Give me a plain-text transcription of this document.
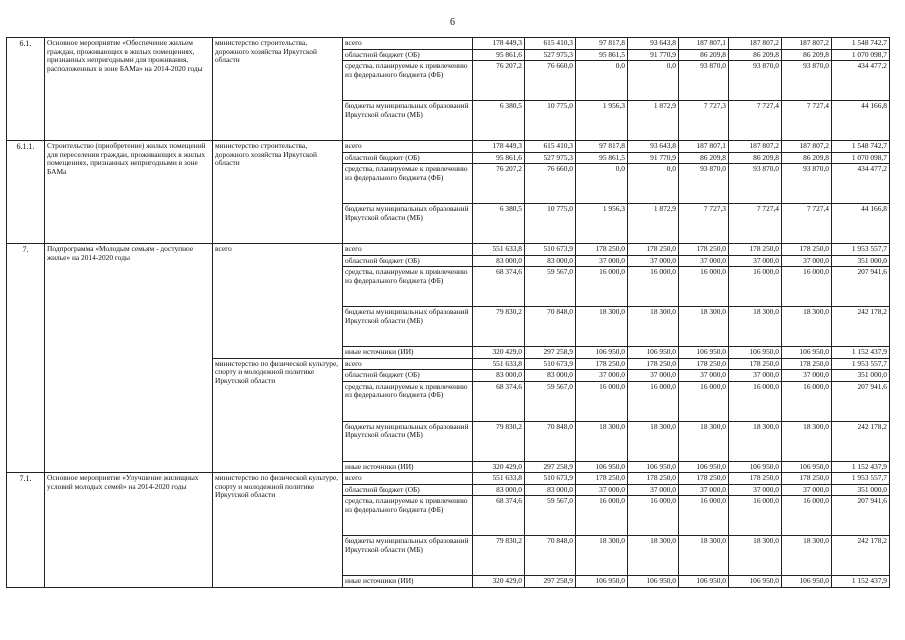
6
6.1.	Основное мероприятие «Обеспечение жильем граждан, проживающих в жилых помещениях, признанных непригодными для проживания, расположенных в зоне БАМа» на 2014-2020 годы	министерство строительства, дорожного хозяйства Иркутской области	всего	178 449,3	615 410,3	97 817,8	93 643,8	187 807,1	187 807,2	187 807,2	1 548 742,7
			областной бюджет (ОБ)	95 861,6	527 975,3	95 861,5	91 770,9	86 209,8	86 209,8	86 209,8	1 070 098,7
			средства, планируемые к привлечению из федерального бюджета (ФБ)	76 207,2	76 660,0	0,0	0,0	93 870,0	93 870,0	93 870,0	434 477,2
			бюджеты муниципальных образований Иркутской области (МБ)	6 380,5	10 775,0	1 956,3	1 872,9	7 727,3	7 727,4	7 727,4	44 166,8
6.1.1.	Строительство (приобретение) жилых помещений для переселения граждан, проживающих в жилых помещениях, признанных непригодными в зоне БАМа	министерство строительства, дорожного хозяйства Иркутской области	всего	178 449,3	615 410,3	97 817,8	93 643,8	187 807,1	187 807,2	187 807,2	1 548 742,7
			областной бюджет (ОБ)	95 861,6	527 975,3	95 861,5	91 770,9	86 209,8	86 209,8	86 209,8	1 070 098,7
			средства, планируемые к привлечению из федерального бюджета (ФБ)	76 207,2	76 660,0	0,0	0,0	93 870,0	93 870,0	93 870,0	434 477,2
			бюджеты муниципальных образований Иркутской области (МБ)	6 380,5	10 775,0	1 956,3	1 872,9	7 727,3	7 727,4	7 727,4	44 166,8
7.	Подпрограмма «Молодым семьям - доступное жилье» на 2014-2020 годы	всего	всего	551 633,8	510 673,9	178 250,0	178 250,0	178 250,0	178 250,0	178 250,0	1 953 557,7
			областной бюджет (ОБ)	83 000,0	83 000,0	37 000,0	37 000,0	37 000,0	37 000,0	37 000,0	351 000,0
			средства, планируемые к привлечению из федерального бюджета (ФБ)	68 374,6	59 567,0	16 000,0	16 000,0	16 000,0	16 000,0	16 000,0	207 941,6
			бюджеты муниципальных образований Иркутской области (МБ)	79 830,2	70 848,0	18 300,0	18 300,0	18 300,0	18 300,0	18 300,0	242 178,2
			иные источники (ИИ)	320 429,0	297 258,9	106 950,0	106 950,0	106 950,0	106 950,0	106 950,0	1 152 437,9
		министерство по физической культуре, спорту и молодежной политике Иркутской области	всего	551 633,8	510 673,9	178 250,0	178 250,0	178 250,0	178 250,0	178 250,0	1 953 557,7
			областной бюджет (ОБ)	83 000,0	83 000,0	37 000,0	37 000,0	37 000,0	37 000,0	37 000,0	351 000,0
			средства, планируемые к привлечению из федерального бюджета (ФБ)	68 374,6	59 567,0	16 000,0	16 000,0	16 000,0	16 000,0	16 000,0	207 941,6
			бюджеты муниципальных образований Иркутской области (МБ)	79 830,2	70 848,0	18 300,0	18 300,0	18 300,0	18 300,0	18 300,0	242 178,2
			иные источники (ИИ)	320 429,0	297 258,9	106 950,0	106 950,0	106 950,0	106 950,0	106 950,0	1 152 437,9
7.1.	Основное мероприятие «Улучшение жилищных условий молодых семей» на 2014-2020 годы	министерство по физической культуре, спорту и молодежной политике Иркутской области	всего	551 633,8	510 673,9	178 250,0	178 250,0	178 250,0	178 250,0	178 250,0	1 953 557,7
			областной бюджет (ОБ)	83 000,0	83 000,0	37 000,0	37 000,0	37 000,0	37 000,0	37 000,0	351 000,0
			средства, планируемые к привлечению из федерального бюджета (ФБ)	68 374,6	59 567,0	16 000,0	16 000,0	16 000,0	16 000,0	16 000,0	207 941,6
			бюджеты муниципальных образований Иркутской области (МБ)	79 830,2	70 848,0	18 300,0	18 300,0	18 300,0	18 300,0	18 300,0	242 178,2
			иные источники (ИИ)	320 429,0	297 258,9	106 950,0	106 950,0	106 950,0	106 950,0	106 950,0	1 152 437,9
